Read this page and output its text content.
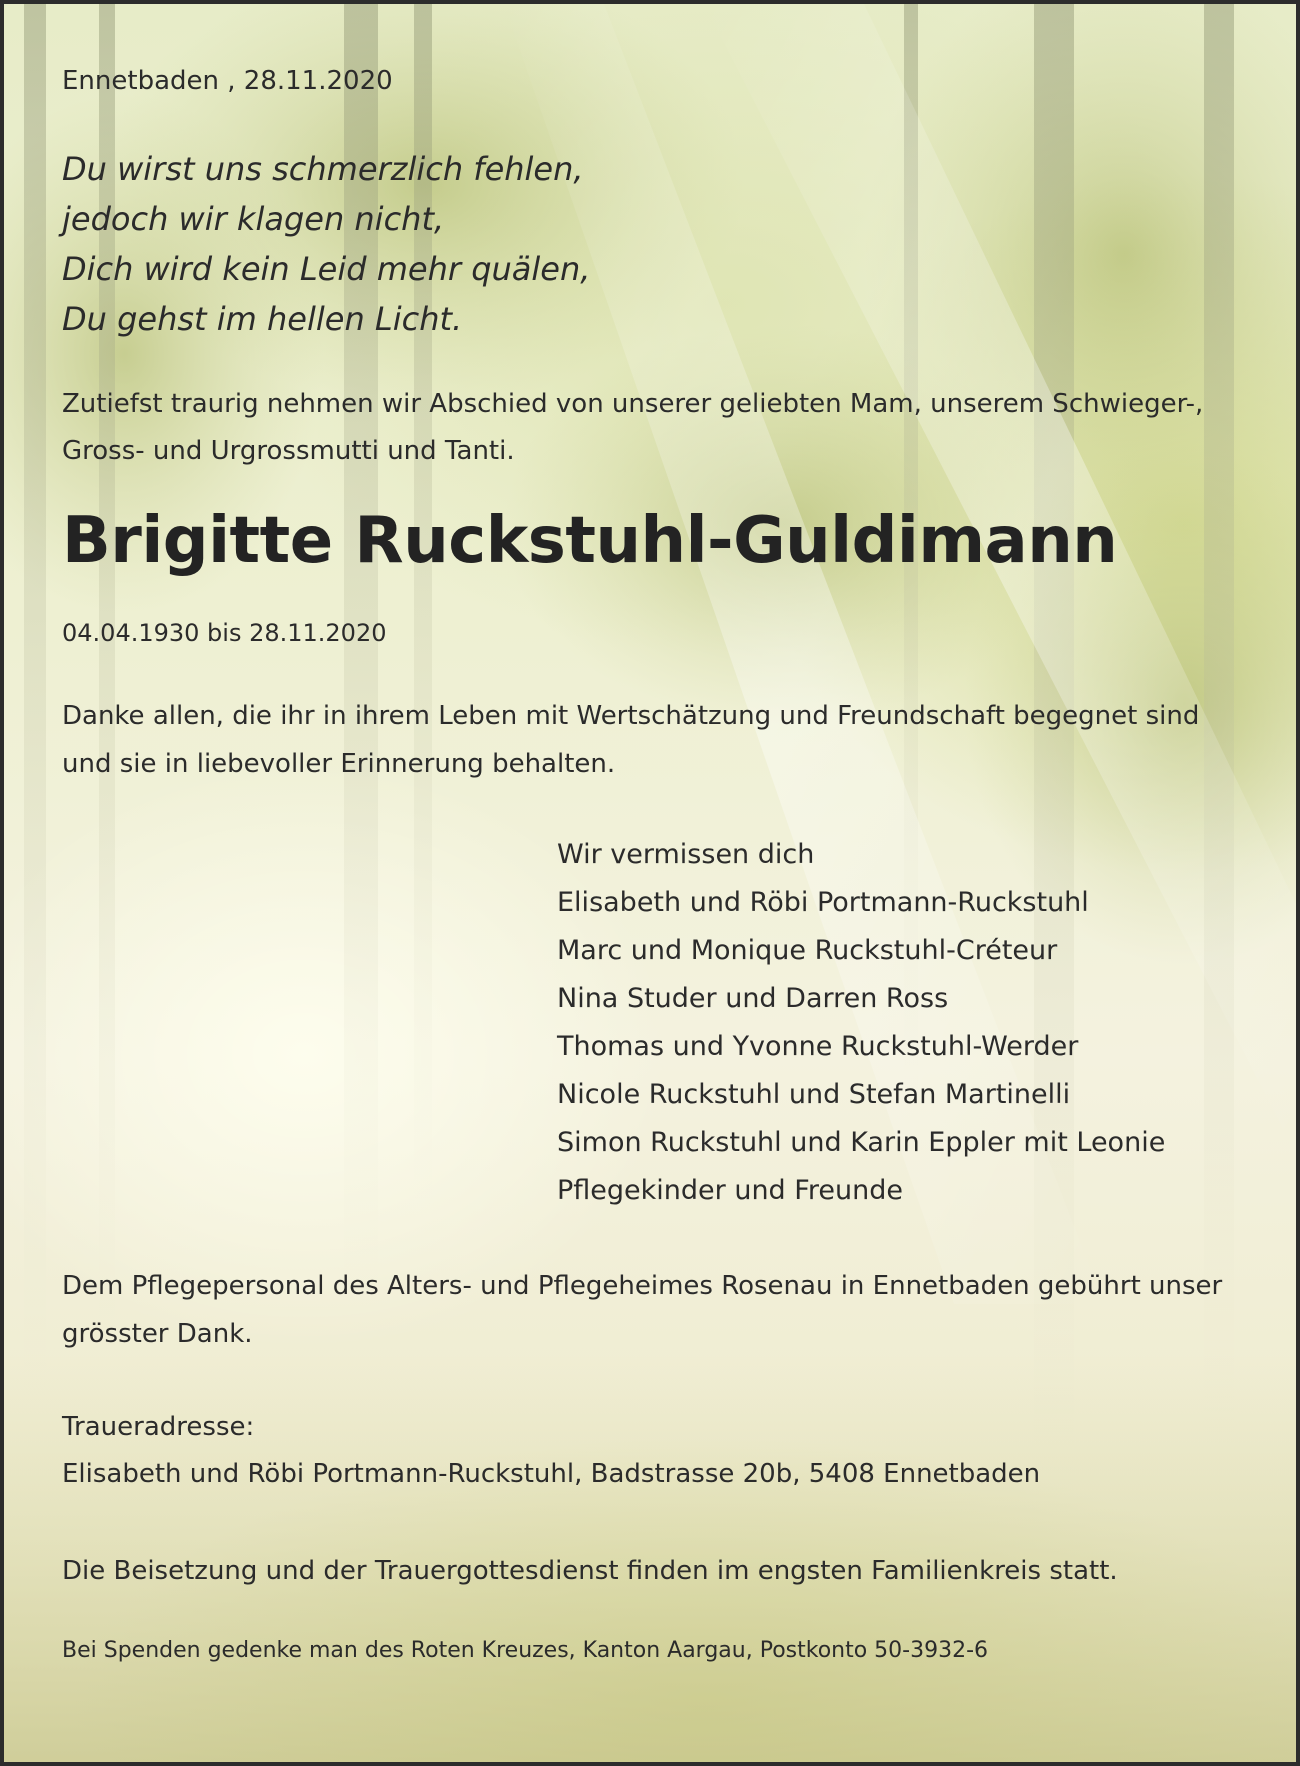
Ennetbaden , 28.11.2020
Du wirst uns schmerzlich fehlen,
jedoch wir klagen nicht,
Dich wird kein Leid mehr quälen,
Du gehst im hellen Licht.

Zutiefst traurig nehmen wir Abschied von unserer geliebten Mam, unserem Schwieger-, Gross- und Urgrossmutti und Tanti.

Brigitte Ruckstuhl-Guldimann
04.04.1930 bis 28.11.2020

Danke allen, die ihr in ihrem Leben mit Wertschätzung und Freundschaft begegnet sind und sie in liebevoller Erinnerung behalten.

Wir vermissen dich
Elisabeth und Röbi Portmann-Ruckstuhl
Marc und Monique Ruckstuhl-Créteur
Nina Studer und Darren Ross
Thomas und Yvonne Ruckstuhl-Werder
Nicole Ruckstuhl und Stefan Martinelli
Simon Ruckstuhl und Karin Eppler mit Leonie
Pflegekinder und Freunde

Dem Pflegepersonal des Alters- und Pflegeheimes Rosenau in Ennetbaden gebührt unser grösster Dank.

Traueradresse:
Elisabeth und Röbi Portmann-Ruckstuhl, Badstrasse 20b, 5408 Ennetbaden
Die Beisetzung und der Trauergottesdienst finden im engsten Familienkreis statt.
Bei Spenden gedenke man des Roten Kreuzes, Kanton Aargau, Postkonto 50-3932-6
